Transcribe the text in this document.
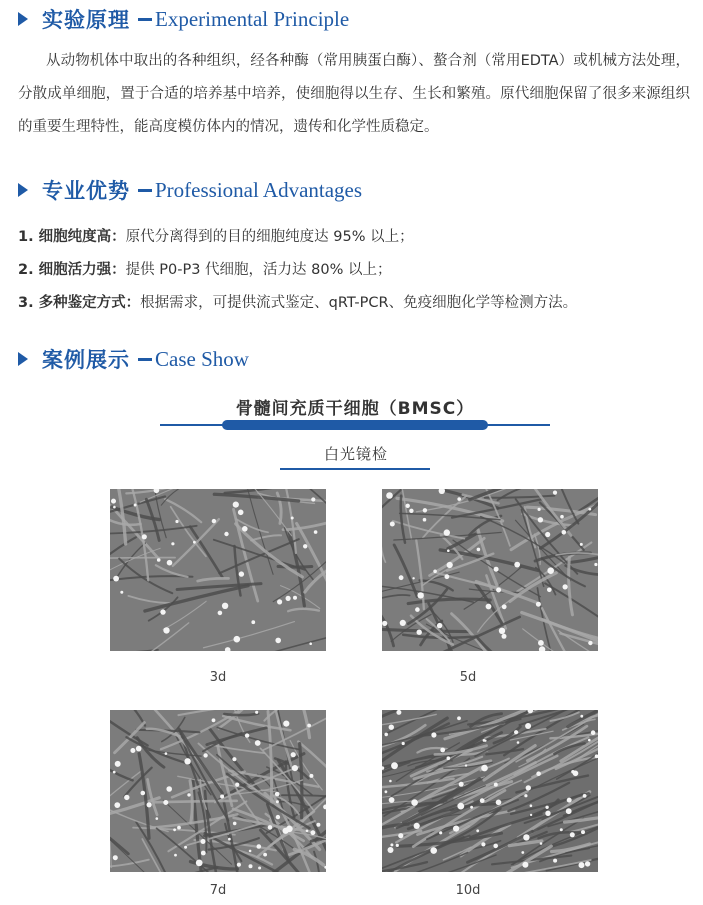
实验原理 Experimental Principle

从动物机体中取出的各种组织，经各种酶（常用胰蛋白酶）、螯合剂（常用EDTA）或机械方法处理，分散成单细胞，置于合适的培养基中培养，使细胞得以生存、生长和繁殖。原代细胞保留了很多来源组织的重要生理特性，能高度模仿体内的情况，遗传和化学性质稳定。

专业优势 Professional Advantages
1. 细胞纯度高：原代分离得到的目的细胞纯度达 95% 以上；
2. 细胞活力强：提供 P0-P3 代细胞，活力达 80% 以上；
3. 多种鉴定方式：根据需求，可提供流式鉴定、qRT-PCR、免疫细胞化学等检测方法。
案例展示 Case Show
骨髓间充质干细胞（BMSC）
白光镜检
3d	5d
7d	10d
